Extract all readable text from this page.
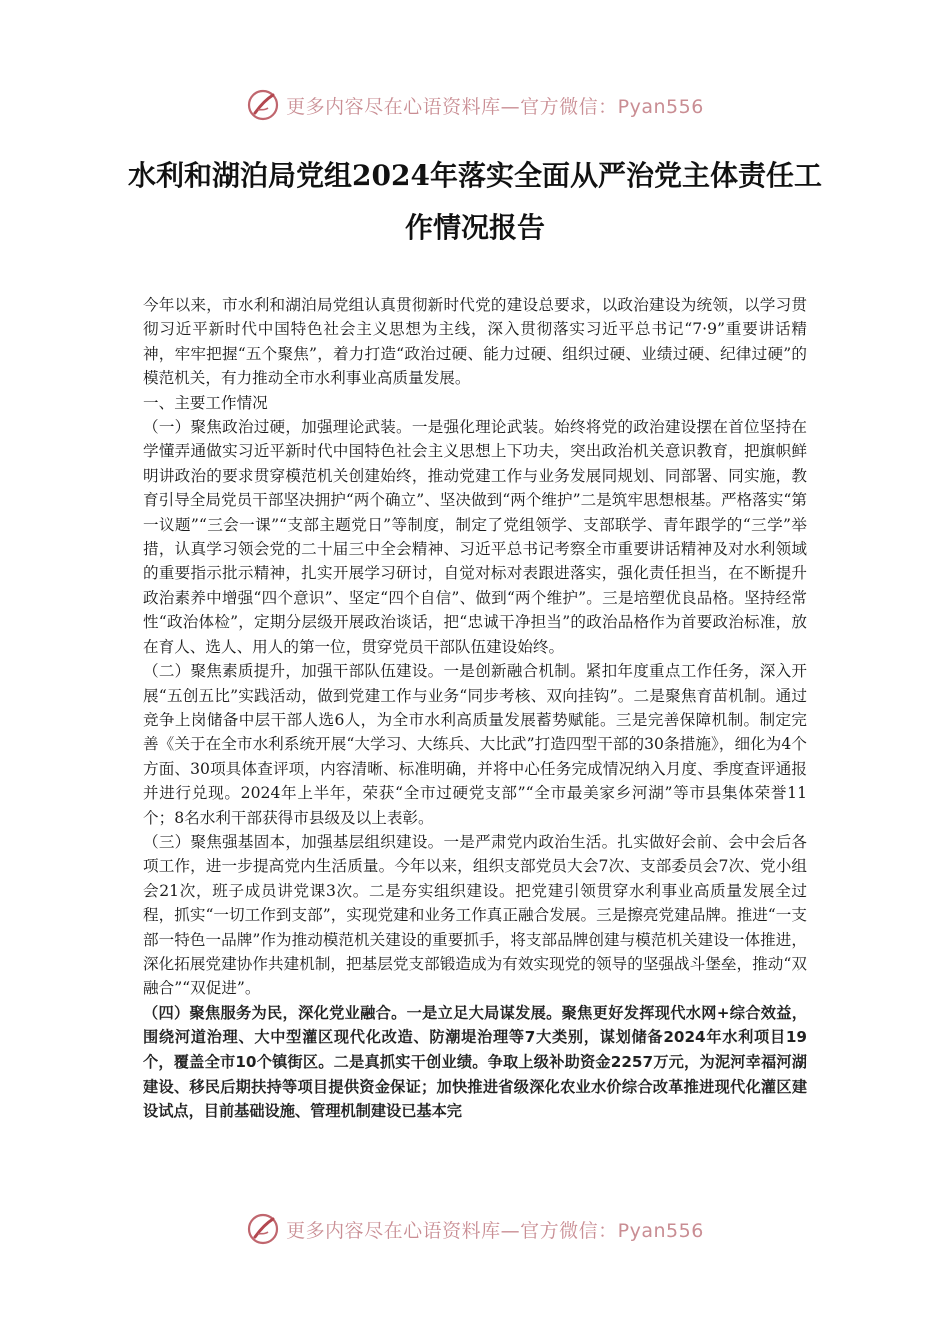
更多内容尽在心语资料库—官方微信：Pyan556
水利和湖泊局党组2024年落实全面从严治党主体责任工作情况报告

今年以来，市水利和湖泊局党组认真贯彻新时代党的建设总要求，以政治建设为统领，以学习贯彻习近平新时代中国特色社会主义思想为主线，深入贯彻落实习近平总书记“7·9”重要讲话精神，牢牢把握“五个聚焦”，着力打造“政治过硬、能力过硬、组织过硬、业绩过硬、纪律过硬”的模范机关，有力推动全市水利事业高质量发展。

一、主要工作情况

（一）聚焦政治过硬，加强理论武装。一是强化理论武装。始终将党的政治建设摆在首位坚持在学懂弄通做实习近平新时代中国特色社会主义思想上下功夫，突出政治机关意识教育，把旗帜鲜明讲政治的要求贯穿模范机关创建始终，推动党建工作与业务发展同规划、同部署、同实施，教育引导全局党员干部坚决拥护“两个确立”、坚决做到“两个维护”二是筑牢思想根基。严格落实“第一议题”“三会一课”“支部主题党日”等制度，制定了党组领学、支部联学、青年跟学的“三学”举措，认真学习领会党的二十届三中全会精神、习近平总书记考察全市重要讲话精神及对水利领域的重要指示批示精神，扎实开展学习研讨，自觉对标对表跟进落实，强化责任担当，在不断提升政治素养中增强“四个意识”、坚定“四个自信”、做到“两个维护”。三是培塑优良品格。坚持经常性“政治体检”，定期分层级开展政治谈话，把“忠诚干净担当”的政治品格作为首要政治标准，放在育人、选人、用人的第一位，贯穿党员干部队伍建设始终。

（二）聚焦素质提升，加强干部队伍建设。一是创新融合机制。紧扣年度重点工作任务，深入开展“五创五比”实践活动，做到党建工作与业务“同步考核、双向挂钩”。二是聚焦育苗机制。通过竞争上岗储备中层干部人选6人，为全市水利高质量发展蓄势赋能。三是完善保障机制。制定完善《关于在全市水利系统开展“大学习、大练兵、大比武”打造四型干部的30条措施》，细化为4个方面、30项具体查评项，内容清晰、标准明确，并将中心任务完成情况纳入月度、季度查评通报并进行兑现。2024年上半年，荣获“全市过硬党支部”“全市最美家乡河湖”等市县集体荣誉11个；8名水利干部获得市县级及以上表彰。

（三）聚焦强基固本，加强基层组织建设。一是严肃党内政治生活。扎实做好会前、会中会后各项工作，进一步提高党内生活质量。今年以来，组织支部党员大会7次、支部委员会7次、党小组会21次，班子成员讲党课3次。二是夯实组织建设。把党建引领贯穿水利事业高质量发展全过程，抓实“一切工作到支部”，实现党建和业务工作真正融合发展。三是擦亮党建品牌。推进“一支部一特色一品牌”作为推动模范机关建设的重要抓手，将支部品牌创建与模范机关建设一体推进，深化拓展党建协作共建机制，把基层党支部锻造成为有效实现党的领导的坚强战斗堡垒，推动“双融合”“双促进”。

（四）聚焦服务为民，深化党业融合。一是立足大局谋发展。聚焦更好发挥现代水网+综合效益，围绕河道治理、大中型灌区现代化改造、防潮堤治理等7大类别，谋划储备2024年水利项目19个，覆盖全市10个镇街区。二是真抓实干创业绩。争取上级补助资金2257万元，为泥河幸福河湖建设、移民后期扶持等项目提供资金保证；加快推进省级深化农业水价综合改革推进现代化灌区建设试点，目前基础设施、管理机制建设已基本完

更多内容尽在心语资料库—官方微信：Pyan556
